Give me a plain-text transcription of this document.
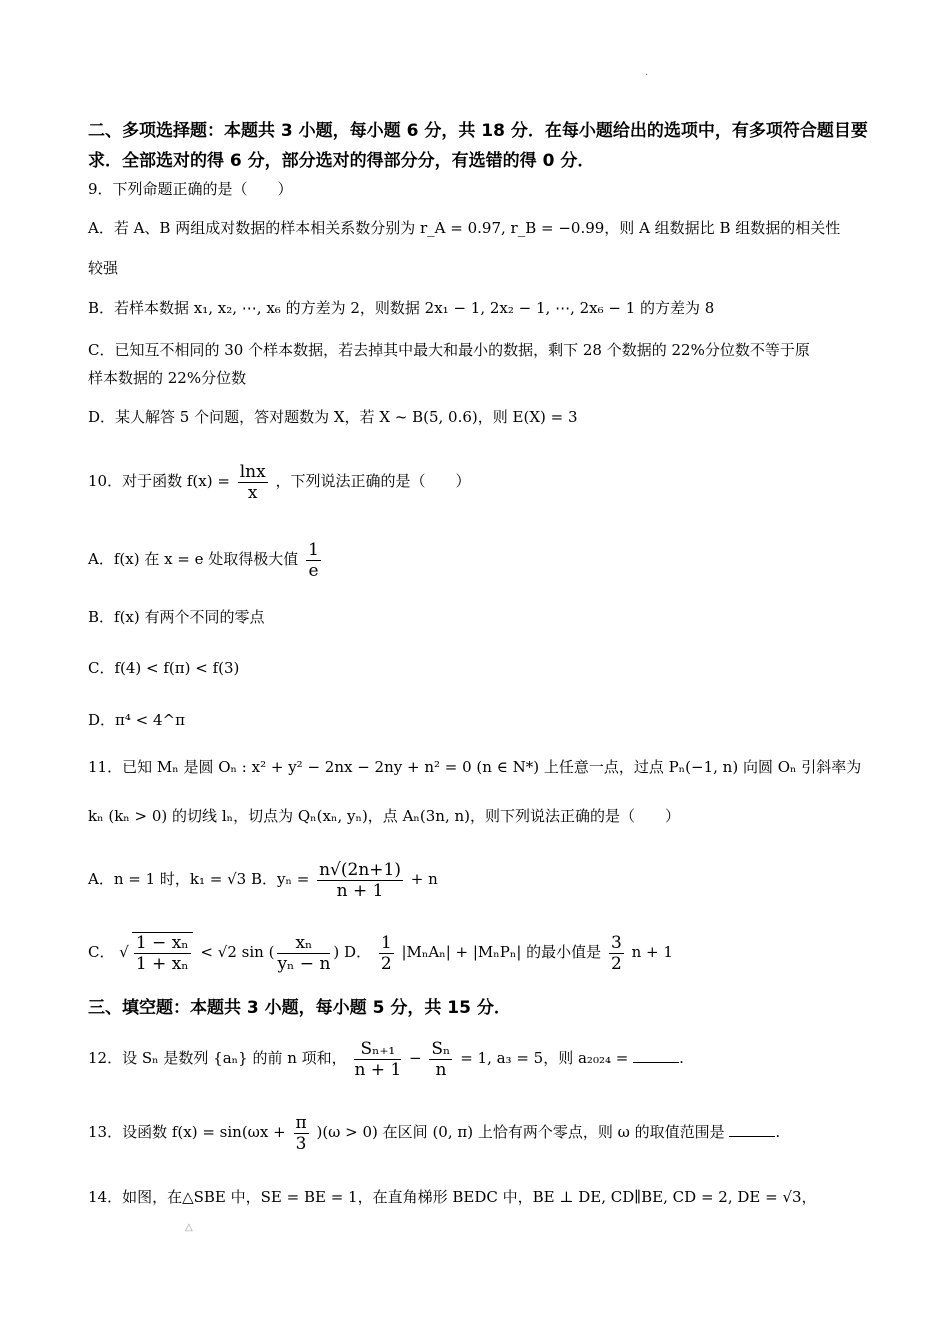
·
二、多项选择题：本题共 3 小题，每小题 6 分，共 18 分．在每小题给出的选项中，有多项符合题目要求．全部选对的得 6 分，部分选对的得部分分，有选错的得 0 分．
9．下列命题正确的是（　　）
A．若 A、B 两组成对数据的样本相关系数分别为 r_A = 0.97, r_B = −0.99，则 A 组数据比 B 组数据的相关性
较强
B．若样本数据 x₁, x₂, ⋯, x₆ 的方差为 2，则数据 2x₁ − 1, 2x₂ − 1, ⋯, 2x₆ − 1 的方差为 8
C．已知互不相同的 30 个样本数据，若去掉其中最大和最小的数据，剩下 28 个数据的 22%分位数不等于原
样本数据的 22%分位数
D．某人解答 5 个问题，答对题数为 X，若 X ~ B(5, 0.6)，则 E(X) = 3
10．对于函数 $f(x) = \frac{\ln x}{x}$ ，下列说法正确的是（　　）
A．f(x) 在 x = e 处取得极大值 $\frac{1}{e}$
B．f(x) 有两个不同的零点
C．f(4) < f(π) < f(3)
D．π⁴ < 4^π
11．已知 Mₙ 是圆 Oₙ : x² + y² − 2nx − 2ny + n² = 0 (n ∈ N*) 上任意一点，过点 Pₙ(−1, n) 向圆 Oₙ 引斜率为
kₙ (kₙ > 0) 的切线 lₙ，切点为 Qₙ(xₙ, yₙ)，点 Aₙ(3n, n)，则下列说法正确的是（　　）
A．n = 1 时，k₁ = √3 B．$y_n = \frac{n√(2n+1)}{n + 1} + n$
C． √ $\frac{\text{1 − xₙ}}{\text{1 + xₙ}} < √2$ sin ( $\frac{\text{xₙ}}{\text{yₙ − n}}$ ) D． $\frac{1}{2} |M_nA_n| + |M_nP_n|$ 的最小值是 $\frac{3}{2}$ n + 1
三、填空题：本题共 3 小题，每小题 5 分，共 15 分．
12．设 Sₙ 是数列 {aₙ} 的前 n 项和， $\frac{\text{Sₙ₊₁}}{n + 1} - \frac{\text{Sₙ}}{n} = 1$, a₃ = 5，则 a₂₀₂₄ =	.
13．设函数 $f(x) = \sin(\omega x + \frac{\pi}{3} )(\omega > 0)$ 在区间 (0, π) 上恰有两个零点，则 ω 的取值范围是	.
14．如图，在△SBE 中，SE = BE = 1，在直角梯形 BEDC 中，BE ⊥ DE, CD∥BE, CD = 2, DE = √3，
△
